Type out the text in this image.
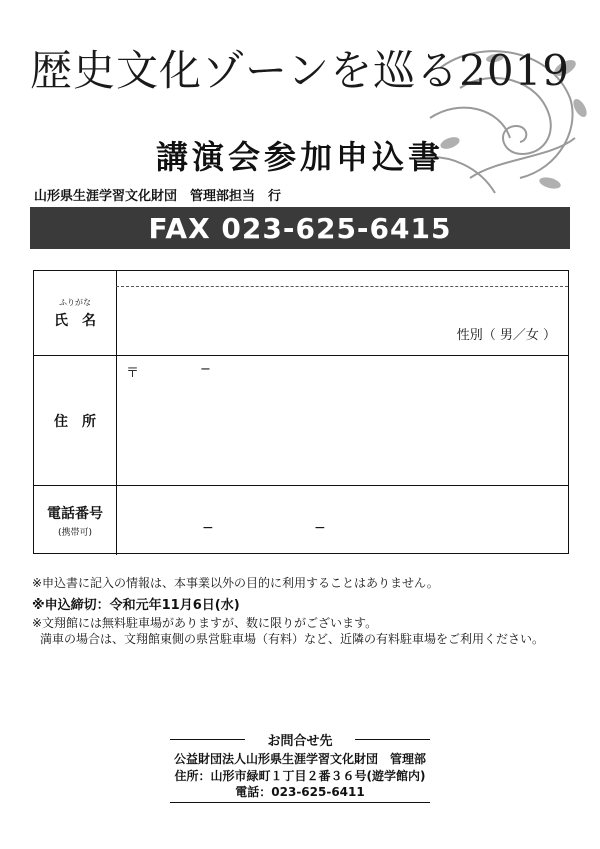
歴史文化ゾーンを巡る2019
講演会参加申込書
山形県生涯学習文化財団　管理部担当　行
FAX 023-625-6415
ふりがな
氏　名
性別（ 男／女 ）
住　所
〒	−
電話番号
(携帯可)	−	−
※申込書に記入の情報は、本事業以外の目的に利用することはありません。
※申込締切：令和元年11月6日(水)
※文翔館には無料駐車場がありますが、数に限りがございます。
満車の場合は、文翔館東側の県営駐車場（有料）など、近隣の有料駐車場をご利用ください。
お問合せ先
公益財団法人山形県生涯学習文化財団　管理部
住所：山形市緑町１丁目２番３６号(遊学館内)
電話：023-625-6411
